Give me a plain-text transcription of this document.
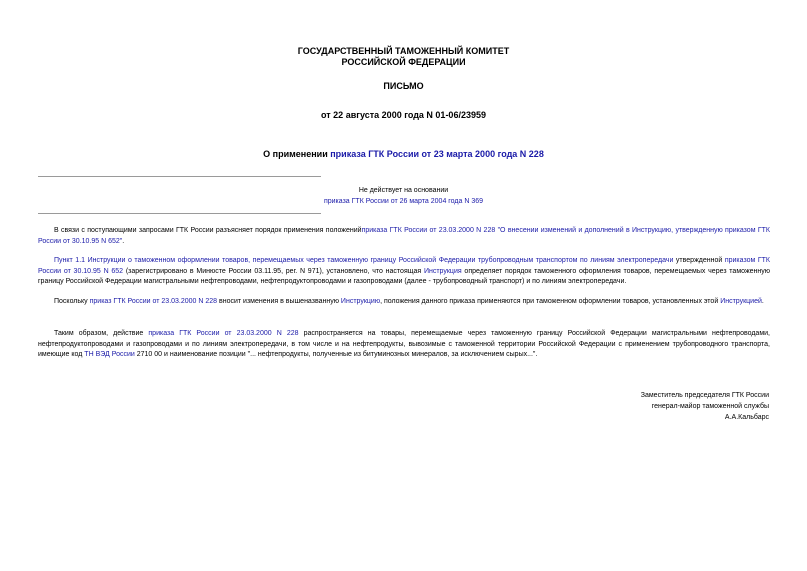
ГОСУДАРСТВЕННЫЙ ТАМОЖЕННЫЙ КОМИТЕТ
РОССИЙСКОЙ ФЕДЕРАЦИИ
ПИСЬМО
от 22 августа 2000 года N 01-06/23959
О применении приказа ГТК России от 23 марта 2000 года N 228
Не действует на основании
приказа ГТК России от 26 марта 2004 года N 369
В связи с поступающими запросами ГТК России разъясняет порядок применения положенийприказа ГТК России от 23.03.2000 N 228 "О внесении изменений и дополнений в Инструкцию, утвержденную приказом ГТК России от 30.10.95 N 652".
Пункт 1.1 Инструкции о таможенном оформлении товаров, перемещаемых через таможенную границу Российской Федерации трубопроводным транспортом по линиям электропередачи утвержденной приказом ГТК России от 30.10.95 N 652 (зарегистрировано в Минюсте России 03.11.95, рег. N 971), установлено, что настоящая Инструкция определяет порядок таможенного оформления товаров, перемещаемых через таможенную границу Российской Федерации магистральными нефтепроводами, нефтепродуктопроводами и газопроводами (далее - трубопроводный транспорт) и по линиям электропередачи.
Поскольку приказ ГТК России от 23.03.2000 N 228 вносит изменения в вышеназванную Инструкцию, положения данного приказа применяются при таможенном оформлении товаров, установленных этой Инструкцией.
Таким образом, действие приказа ГТК России от 23.03.2000 N 228 распространяется на товары, перемещаемые через таможенную границу Российской Федерации магистральными нефтепроводами, нефтепродуктопроводами и газопроводами и по линиям электропередачи, в том числе и на нефтепродукты, вывозимые с таможенной территории Российской Федерации с применением трубопроводного транспорта, имеющие код ТН ВЭД России 2710 00 и наименование позиции "... нефтепродукты, полученные из битуминозных минералов, за исключением сырых...".
Заместитель председателя ГТК России
генерал-майор таможенной службы
А.А.Кальбарс
